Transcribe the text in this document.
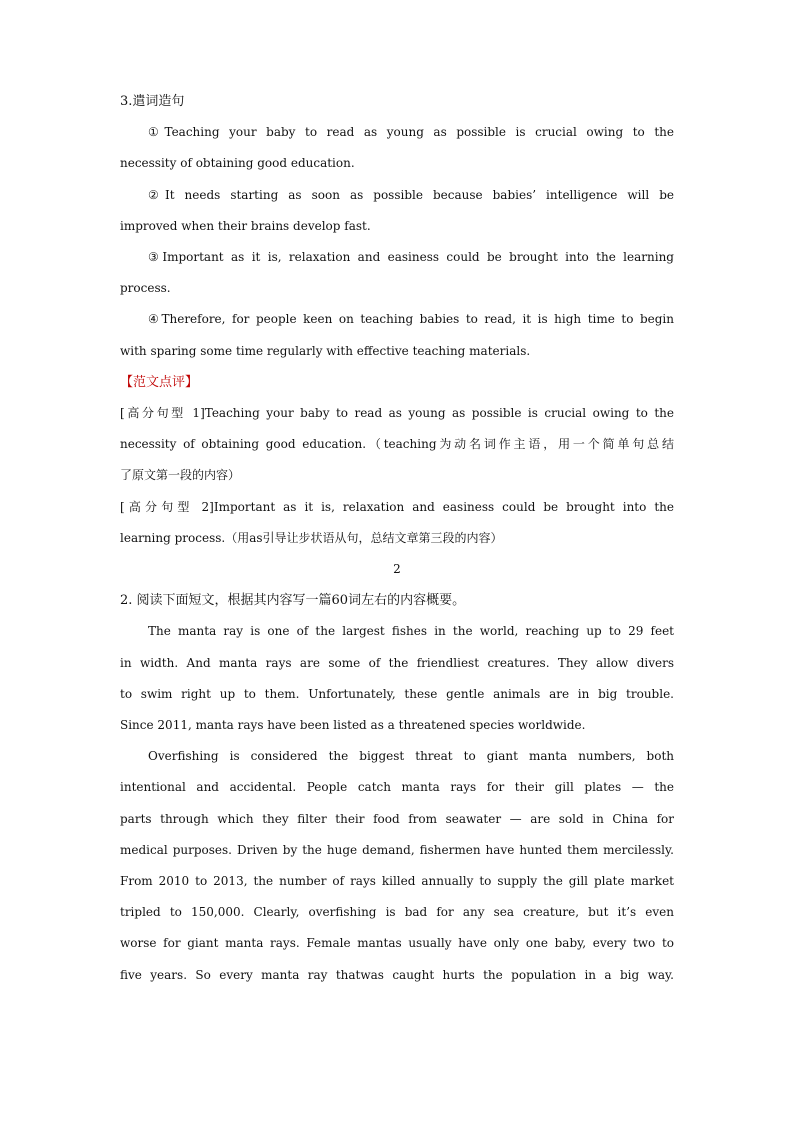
3.遣词造句
①Teaching your baby to read as young as possible is crucial owing to the
necessity of obtaining good education.
②It needs starting as soon as possible because babies’ intelligence will be
improved when their brains develop fast.
③Important as it is, relaxation and easiness could be brought into the learning
process.
④Therefore, for people keen on teaching babies to read, it is high time to begin
with sparing some time regularly with effective teaching materials.
【范文点评】
[高分句型 1]Teaching your baby to read as young as possible is crucial owing to the
necessity of obtaining good education.（teaching为动名词作主语，用一个简单句总结
了原文第一段的内容）
[高分句型 2]Important as it is, relaxation and easiness could be brought into the
learning process.（用as引导让步状语从句，总结文章第三段的内容）
2
2. 阅读下面短文，根据其内容写一篇60词左右的内容概要。
The manta ray is one of the largest fishes in the world, reaching up to 29 feet
in width. And manta rays are some of the friendliest creatures. They allow divers
to swim right up to them. Unfortunately, these gentle animals are in big trouble.
Since 2011, manta rays have been listed as a threatened species worldwide.
Overfishing is considered the biggest threat to giant manta numbers, both
intentional and accidental. People catch manta rays for their gill plates — the
parts through which they filter their food from seawater — are sold in China for
medical purposes. Driven by the huge demand, fishermen have hunted them mercilessly.
From 2010 to 2013, the number of rays killed annually to supply the gill plate market
tripled to 150,000. Clearly, overfishing is bad for any sea creature, but it’s even
worse for giant manta rays. Female mantas usually have only one baby, every two to
five years. So every manta ray thatwas caught hurts the population in a big way.
